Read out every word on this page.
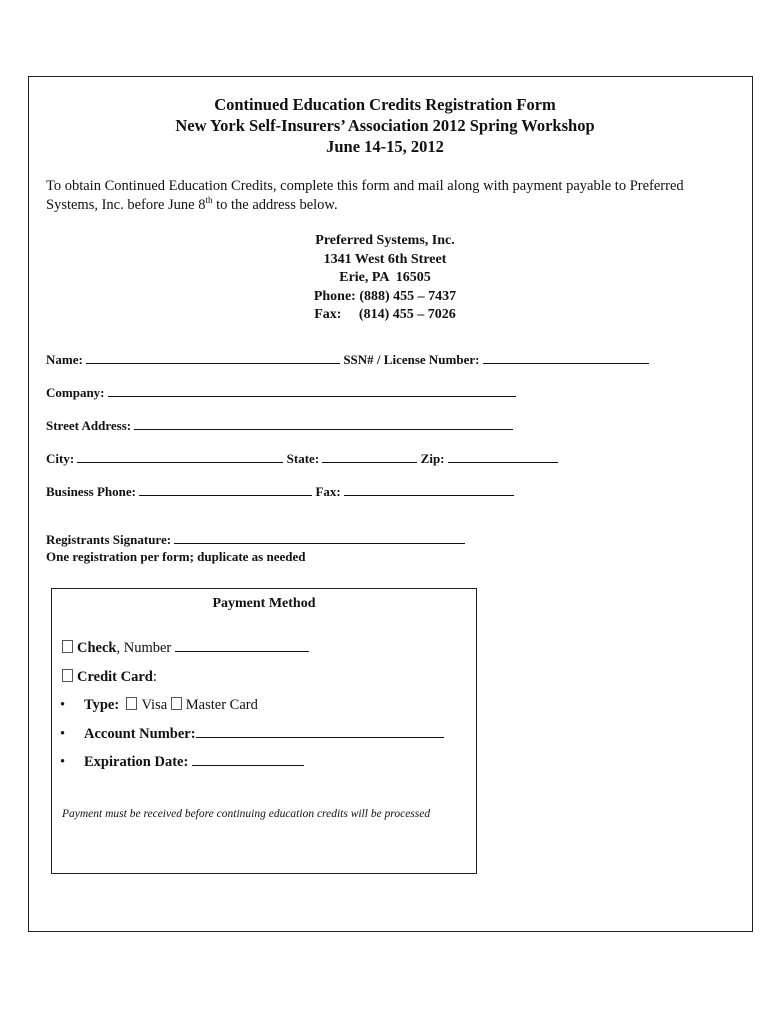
Continued Education Credits Registration Form
New York Self-Insurers’ Association 2012 Spring Workshop
June 14-15, 2012
To obtain Continued Education Credits, complete this form and mail along with payment payable to Preferred Systems, Inc. before June 8th to the address below.
Preferred Systems, Inc.
1341 West 6th Street
Erie, PA  16505
Phone: (888) 455 – 7437
Fax:     (814) 455 – 7026
Name:	SSN# / License Number:
Company:
Street Address:
City:	State:	Zip:
Business Phone:	Fax:
Registrants Signature:
One registration per form; duplicate as needed
Payment Method
Check, Number
Credit Card:
• Type: Visa Master Card
• Account Number:
• Expiration Date:
Payment must be received before continuing education credits will be processed
